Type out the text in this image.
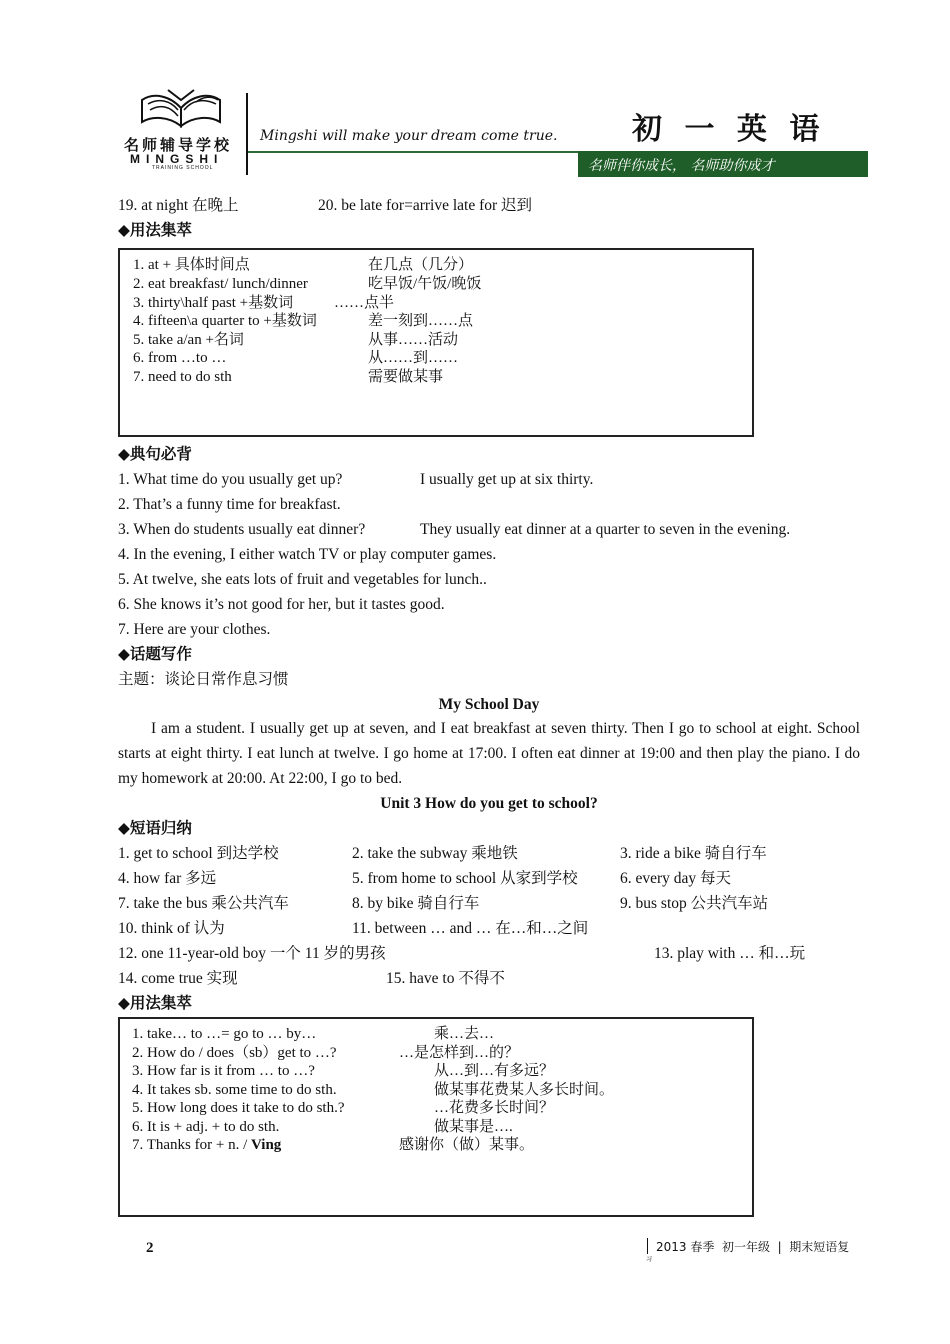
名师辅导学校
MINGSHI
TRAINING SCHOOL
Mingshi will make your dream come true. 初 一 英 语
名师伴你成长， 名师助你成才
19. at night 在晚上	20. be late for=arrive late for 迟到
◆用法集萃
1. at + 具体时间点	在几点（几分）
2. eat breakfast/ lunch/dinner	吃早饭/午饭/晚饭
3. thirty\half past +基数词	……点半
4. fifteen\a quarter to +基数词	差一刻到……点
5. take a/an +名词	从事……活动
6. from …to …	从……到……
7. need to do sth	需要做某事
◆典句必背
1. What time do you usually get up?	I usually get up at six thirty.
2. That’s a funny time for breakfast.
3. When do students usually eat dinner?	They usually eat dinner at a quarter to seven in the evening.
4. In the evening, I either watch TV or play computer games.
5. At twelve, she eats lots of fruit and vegetables for lunch..
6. She knows it’s not good for her, but it tastes good.
7. Here are your clothes.
◆话题写作
主题：谈论日常作息习惯
My School Day
I am a student. I usually get up at seven, and I eat breakfast at seven thirty. Then I go to school at eight. School starts at eight thirty. I eat lunch at twelve. I go home at 17:00. I often eat dinner at 19:00 and then play the piano. I do my homework at 20:00. At 22:00, I go to bed.
Unit 3 How do you get to school?
◆短语归纳
1. get to school 到达学校	2. take the subway 乘地铁	3. ride a bike 骑自行车
4. how far 多远	5. from home to school 从家到学校	6. every day 每天
7. take the bus 乘公共汽车	8. by bike 骑自行车	9. bus stop 公共汽车站
10. think of 认为	11. between … and … 在…和…之间
12. one 11-year-old boy 一个 11 岁的男孩	13. play with … 和…玩
14. come true 实现	15. have to 不得不
◆用法集萃
1. take… to …= go to … by…	乘…去…
2. How do / does（sb）get to …?	…是怎样到…的？
3. How far is it from … to …?	从…到…有多远？
4. It takes sb. some time to do sth.	做某事花费某人多长时间。
5. How long does it take to do sth.?	…花费多长时间？
6. It is + adj. + to do sth.	做某事是….
7. Thanks for + n. / Ving	感谢你（做）某事。
2	2013 春季  初一年级  |  期末短语复
习
